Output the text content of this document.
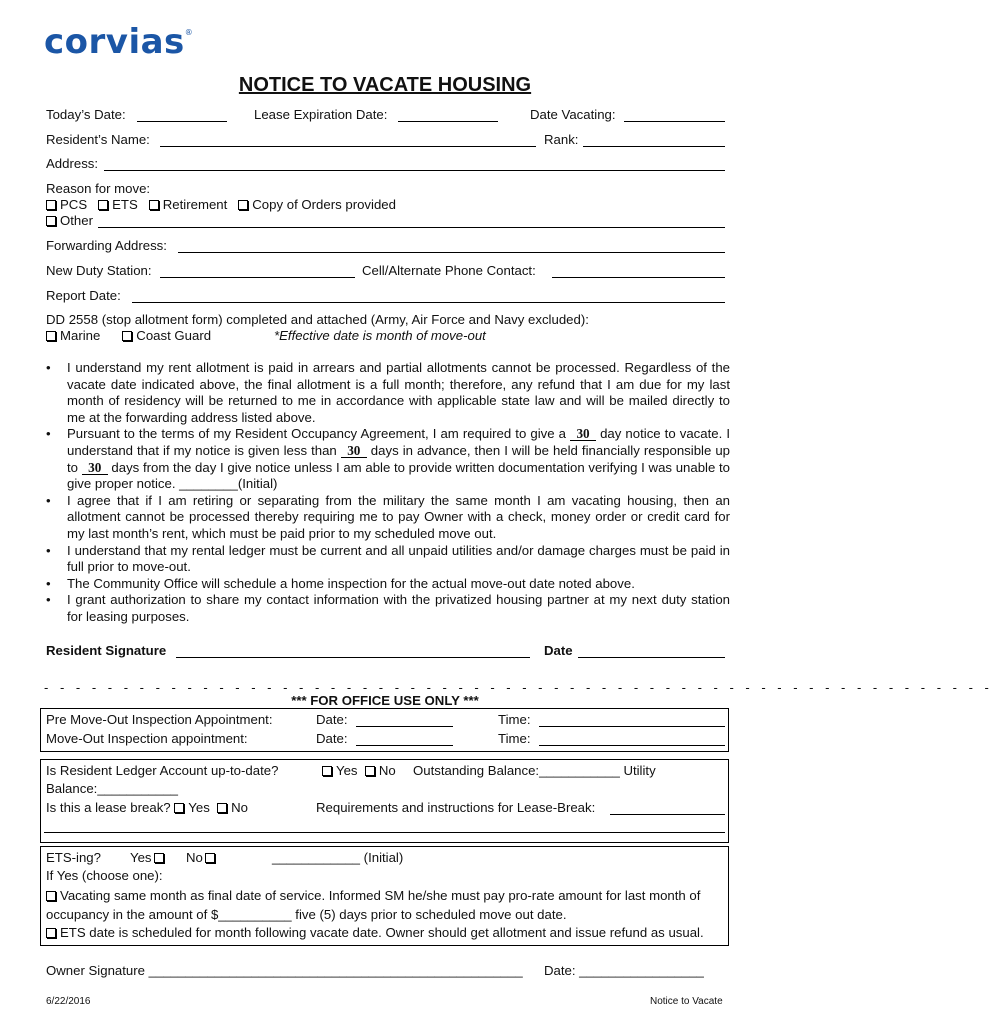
corvias®
NOTICE TO VACATE HOUSING
Today’s Date:	Lease Expiration Date:	Date Vacating:
Resident’s Name:	Rank:
Address:
Reason for move:
PCS ETS Retirement Copy of Orders provided
Other
Forwarding Address:
New Duty Station:	Cell/Alternate Phone Contact:
Report Date:
DD 2558 (stop allotment form) completed and attached (Army, Air Force and Navy excluded):
Marine	Coast Guard	*Effective date is month of move-out
• I understand my rent allotment is paid in arrears and partial allotments cannot be processed. Regardless of the vacate date indicated above, the final allotment is a full month; therefore, any refund that I am due for my last month of residency will be returned to me in accordance with applicable state law and will be mailed directly to me at the forwarding address listed above.
• Pursuant to the terms of my Resident Occupancy Agreement, I am required to give a 30 day notice to vacate. I understand that if my notice is given less than 30 days in advance, then I will be held financially responsible up to 30 days from the day I give notice unless I am able to provide written documentation verifying I was unable to give proper notice. ________(Initial)
• I agree that if I am retiring or separating from the military the same month I am vacating housing, then an allotment cannot be processed thereby requiring me to pay Owner with a check, money order or credit card for my last month’s rent, which must be paid prior to my scheduled move out.
• I understand that my rental ledger must be current and all unpaid utilities and/or damage charges must be paid in full prior to move-out.
• The Community Office will schedule a home inspection for the actual move-out date noted above.
• I grant authorization to share my contact information with the privatized housing partner at my next duty station for leasing purposes.
Resident Signature	Date
- - - - - - - - - - - - - - - - - - - - - - - - - - - - - - - - - - - - - - - - - - - - - - - - - - - - - - - - - - - -
*** FOR OFFICE USE ONLY ***
Pre Move-Out Inspection Appointment:	Date:	Time:
Move-Out Inspection appointment:	Date:	Time:
Is Resident Ledger Account up-to-date?	Yes No Outstanding Balance:___________ Utility
Balance:___________
Is this a lease break? Yes No	Requirements and instructions for Lease-Break:
ETS-ing? Yes	No	____________ (Initial)
If Yes (choose one):
Vacating same month as final date of service. Informed SM he/she must pay pro-rate amount for last month of occupancy in the amount of $__________ five (5) days prior to scheduled move out date.
ETS date is scheduled for month following vacate date. Owner should get allotment and issue refund as usual.
Owner Signature ___________________________________________________ Date: _________________
6/22/2016	Notice to Vacate
